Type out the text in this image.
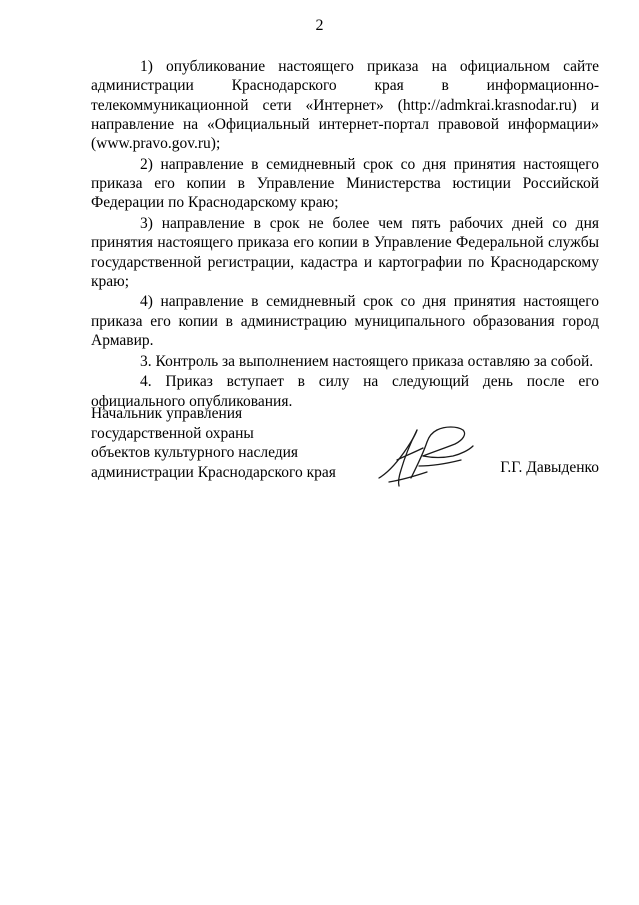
2

1) опубликование настоящего приказа на официальном сайте администрации Краснодарского края в информационно-телекоммуникационной сети «Интернет» (http://admkrai.krasnodar.ru) и направление на «Официальный интернет-портал правовой информации» (www.pravo.gov.ru);

2) направление в семидневный срок со дня принятия настоящего приказа его копии в Управление Министерства юстиции Российской Федерации по Краснодарскому краю;

3) направление в срок не более чем пять рабочих дней со дня принятия настоящего приказа его копии в Управление Федеральной службы государственной регистрации, кадастра и картографии по Краснодарскому краю;

4) направление в семидневный срок со дня принятия настоящего приказа его копии в администрацию муниципального образования город Армавир.

3. Контроль за выполнением настоящего приказа оставляю за собой.

4. Приказ вступает в силу на следующий день после его официального опубликования.

Начальник управления
государственной охраны
объектов культурного наследия
администрации Краснодарского края	Г.Г. Давыденко
